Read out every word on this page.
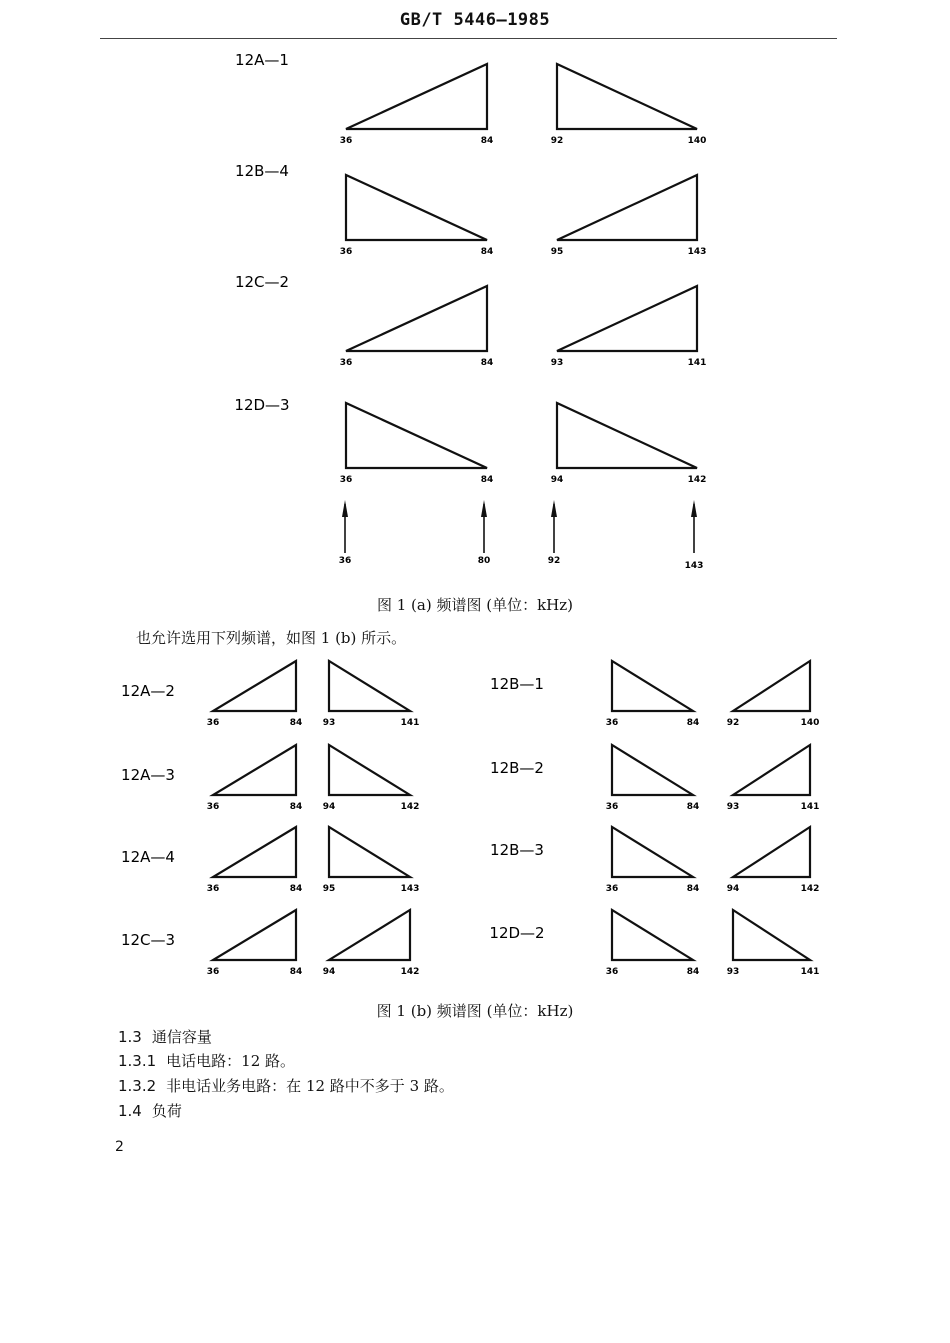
GB/T 5446—1985
12A—1
36	84	92	140
12B—4
36	84	95	143
12C—2
36	84	93	141
12D—3
36	84	94	142
36	80	92	143
图 1 (a) 频谱图 (单位：kHz)
也允许选用下列频谱，如图 1 (b) 所示。
12A—2
36	84 93	141
12A—3
36	84 94	142
12A—4
36	84 95	143
12C—3
36	84 94	142
12B—1
36	84	92	140
12B—2
36	84	93	141
12B—3
36	84	94	142
12D—2
36	84	93	141
图 1 (b) 频谱图 (单位：kHz)
1.3 通信容量
1.3.1 电话电路：12 路。
1.3.2 非电话业务电路：在 12 路中不多于 3 路。
1.4 负荷
2
